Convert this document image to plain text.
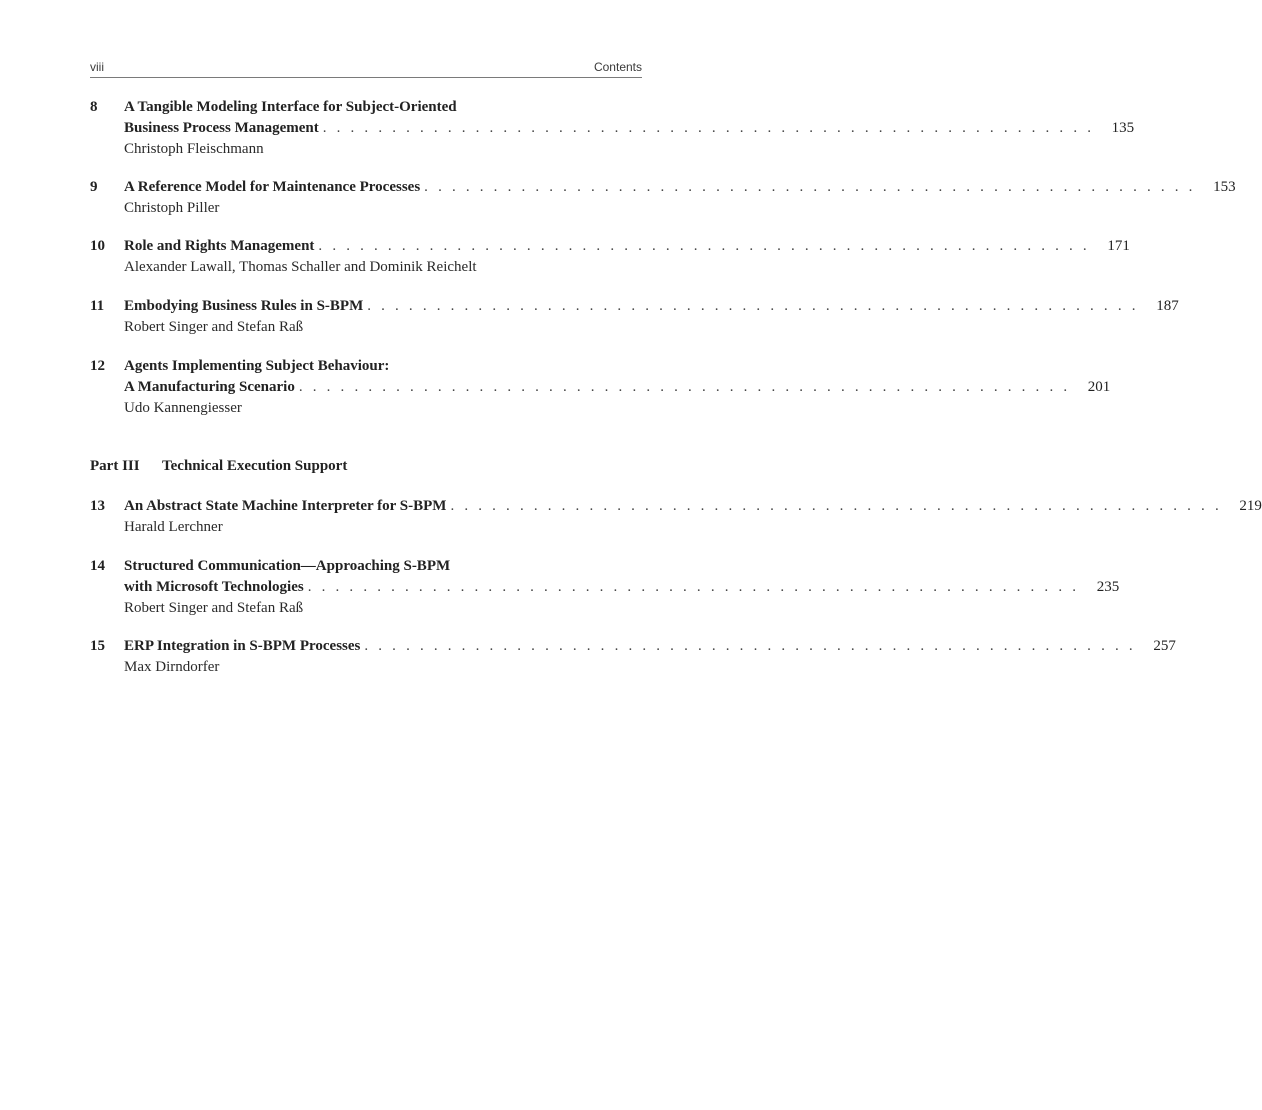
viii	Contents
8	A Tangible Modeling Interface for Subject-Oriented
Business Process Management . . . . . . . . . . . . . . . . . . . . . . . . . . . . . . . . . . . . . . . . . . . . . . . . . . . . . . . .	135
Christoph Fleischmann
9	A Reference Model for Maintenance Processes . . . . . . . . . . . . . . . . . . . . . . . . . . . . . . . . . . . . . . . . . . . . . . . . . . . . . . . .	153
Christoph Piller
10	Role and Rights Management . . . . . . . . . . . . . . . . . . . . . . . . . . . . . . . . . . . . . . . . . . . . . . . . . . . . . . . .	171
Alexander Lawall, Thomas Schaller and Dominik Reichelt
11	Embodying Business Rules in S-BPM . . . . . . . . . . . . . . . . . . . . . . . . . . . . . . . . . . . . . . . . . . . . . . . . . . . . . . . .	187
Robert Singer and Stefan Raß
12	Agents Implementing Subject Behaviour:
A Manufacturing Scenario . . . . . . . . . . . . . . . . . . . . . . . . . . . . . . . . . . . . . . . . . . . . . . . . . . . . . . . .	201
Udo Kannengiesser
Part III Technical Execution Support
13	An Abstract State Machine Interpreter for S-BPM . . . . . . . . . . . . . . . . . . . . . . . . . . . . . . . . . . . . . . . . . . . . . . . . . . . . . . . .	219
Harald Lerchner
14	Structured Communication—Approaching S-BPM
with Microsoft Technologies . . . . . . . . . . . . . . . . . . . . . . . . . . . . . . . . . . . . . . . . . . . . . . . . . . . . . . . .	235
Robert Singer and Stefan Raß
15	ERP Integration in S-BPM Processes . . . . . . . . . . . . . . . . . . . . . . . . . . . . . . . . . . . . . . . . . . . . . . . . . . . . . . . .	257
Max Dirndorfer
